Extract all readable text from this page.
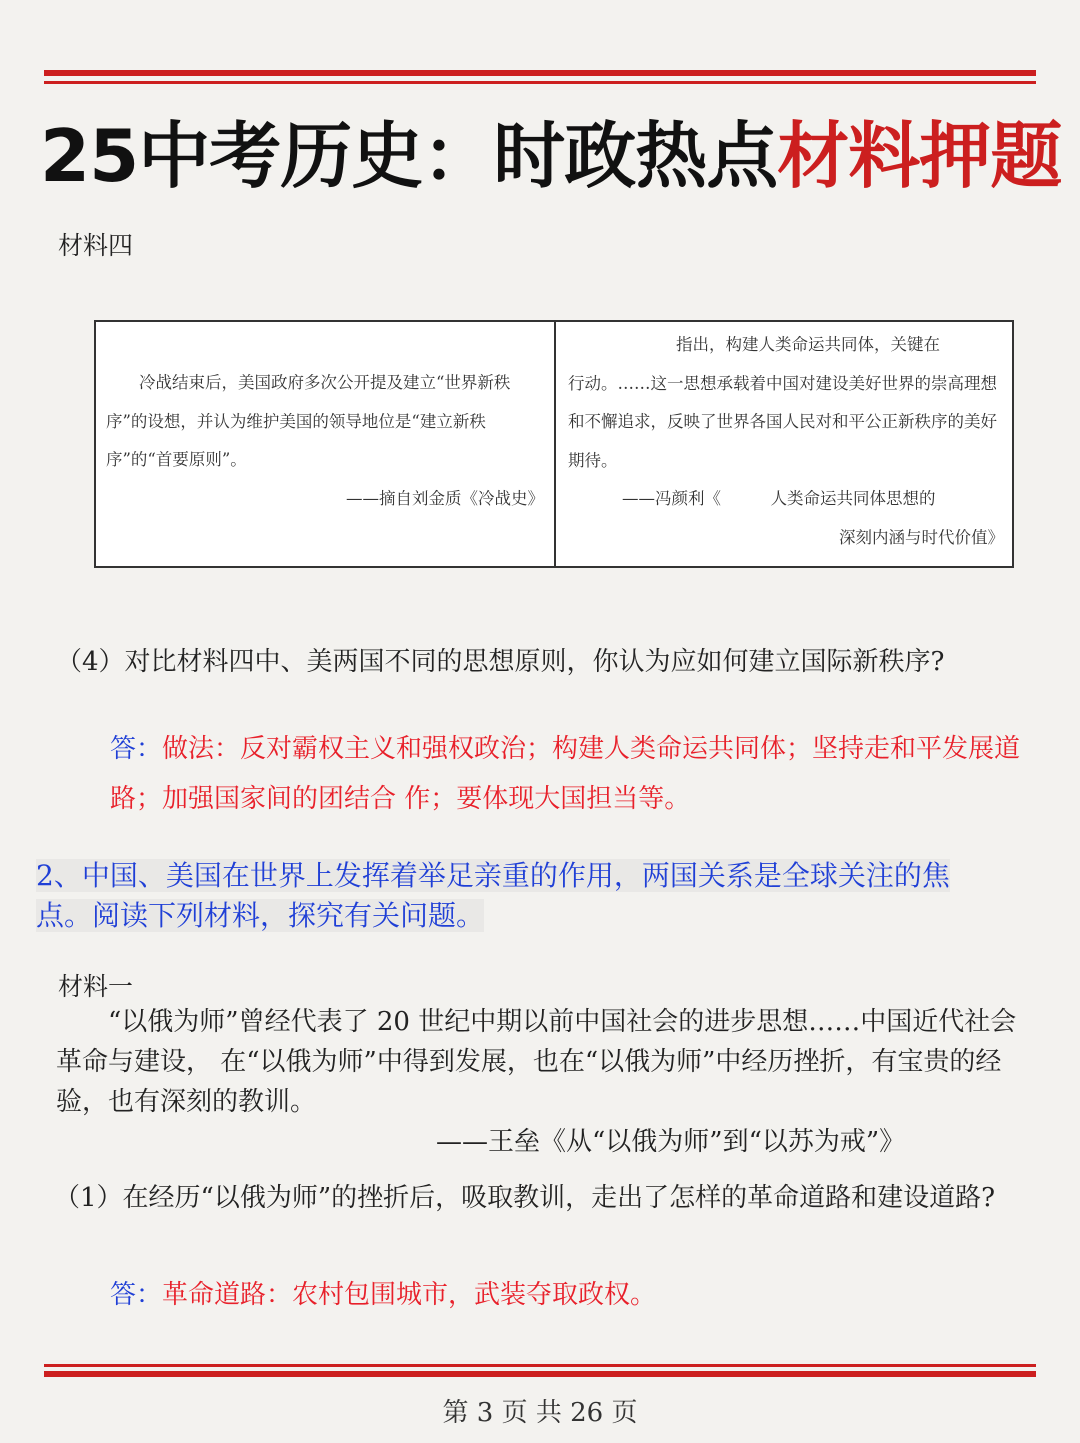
25中考历史：时政热点材料押题
材料四

冷战结束后，美国政府多次公开提及建立“世界新秩序”的设想，并认为维护美国的领导地位是“建立新秩序”的“首要原则”。

——摘自刘金质《冷战史》

指出，构建人类命运共同体，关键在

行动。……这一思想承载着中国对建设美好世界的崇高理想和不懈追求，反映了世界各国人民对和平公正新秩序的美好期待。

——冯颜利《　　　人类命运共同体思想的

深刻内涵与时代价值》

（4）对比材料四中、美两国不同的思想原则，你认为应如何建立国际新秩序?
答：做法：反对霸权主义和强权政治；构建人类命运共同体；坚持走和平发展道路；加强国家间的团结合 作；要体现大国担当等。
2、中国、美国在世界上发挥着举足亲重的作用，两国关系是全球关注的焦点。阅读下列材料，探究有关问题。
材料一

“以俄为师”曾经代表了 20 世纪中期以前中国社会的进步思想……中国近代社会革命与建设， 在“以俄为师”中得到发展，也在“以俄为师”中经历挫折，有宝贵的经验，也有深刻的教训。

——王垒《从“以俄为师”到“以苏为戒”》

（1）在经历“以俄为师”的挫折后，吸取教训，走出了怎样的革命道路和建设道路?
答：革命道路：农村包围城市，武装夺取政权。
第 3 页 共 26 页
